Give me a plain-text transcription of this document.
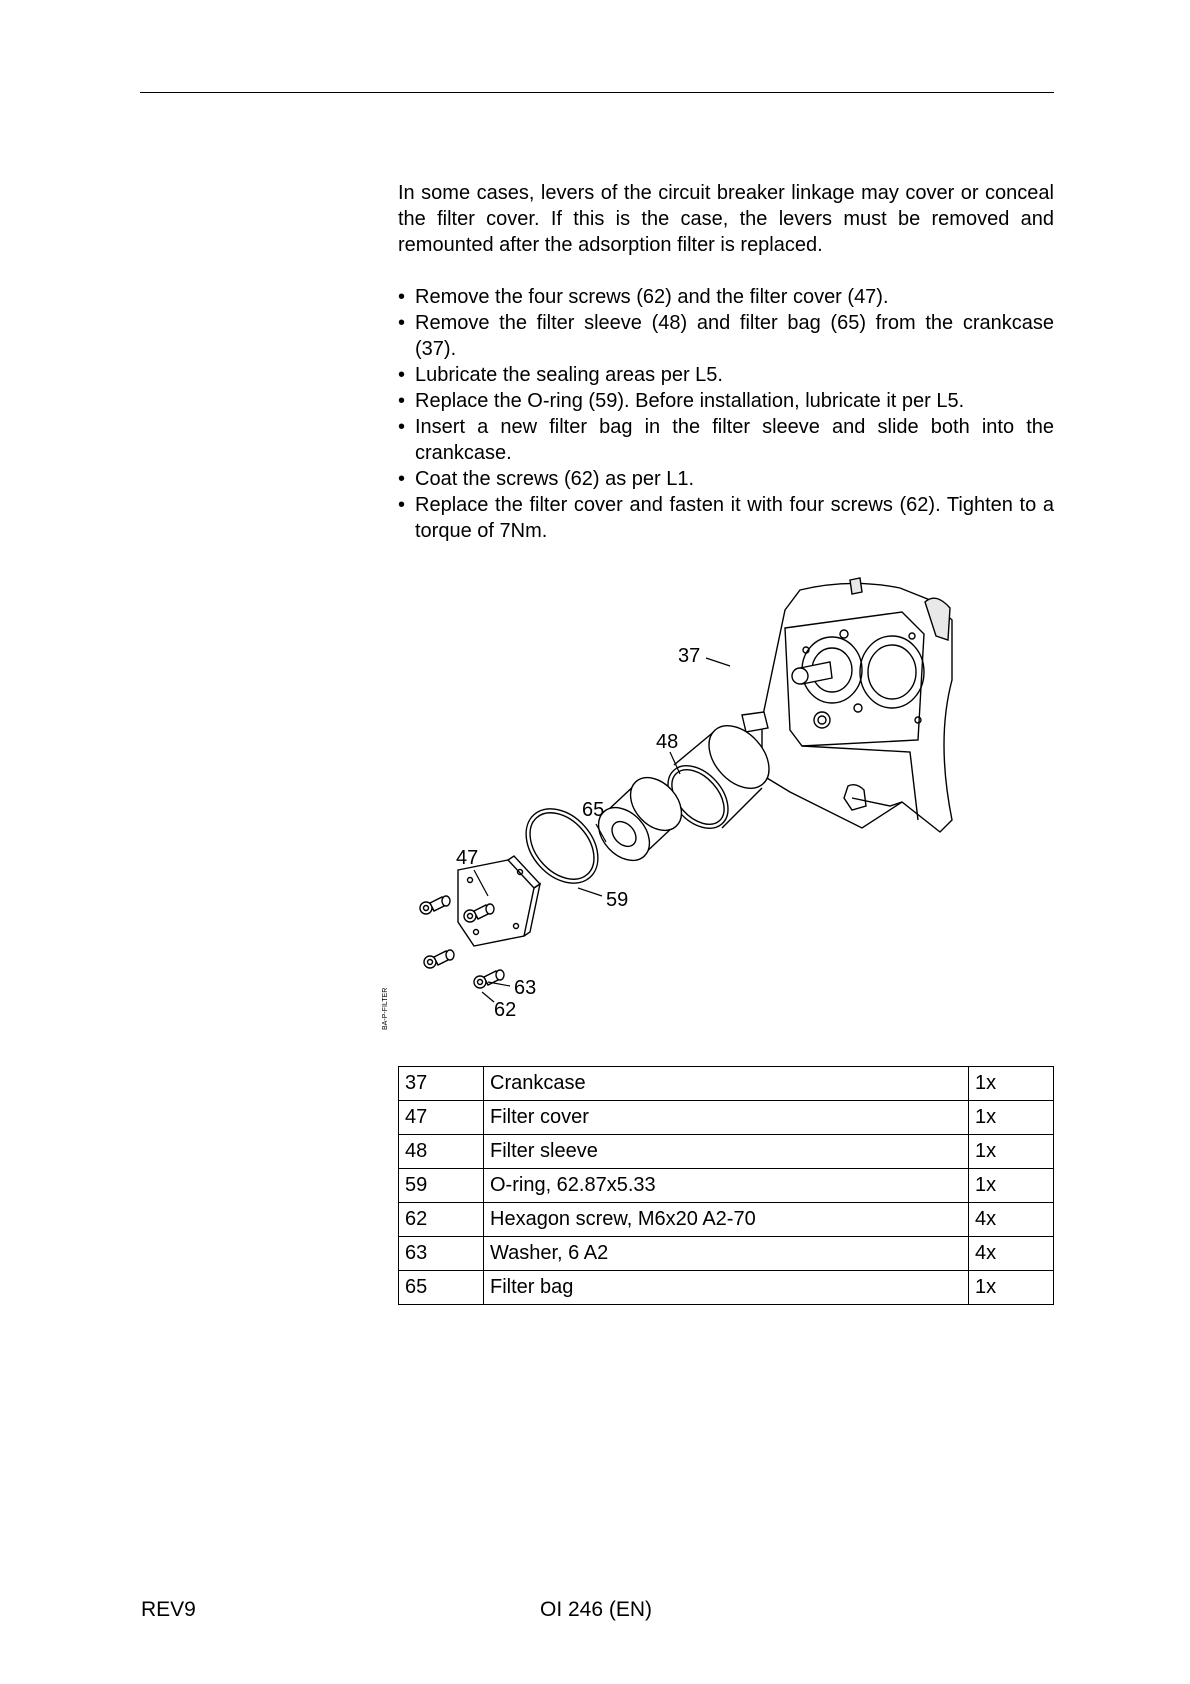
In some cases, levers of the circuit breaker linkage may cover or conceal the filter cover. If this is the case, the levers must be removed and remounted after the adsorption filter is replaced.

• Remove the four screws (62) and the filter cover (47).
• Remove the filter sleeve (48) and filter bag (65) from the crankcase (37).
• Lubricate the sealing areas per L5.
• Replace the O-ring (59). Before installation, lubricate it per L5.
• Insert a new filter bag in the filter sleeve and slide both into the crankcase.
• Coat the screws (62) as per L1.
• Replace the filter cover and fasten it with four screws (62). Tighten to a torque of 7Nm.
37
48
65
47
59
63
62
BA-P-FILTER
37	Crankcase	1x
47	Filter cover	1x
48	Filter sleeve	1x
59	O-ring, 62.87x5.33	1x
62	Hexagon screw, M6x20 A2-70	4x
63	Washer, 6 A2	4x
65	Filter bag	1x
REV9	OI 246 (EN)
